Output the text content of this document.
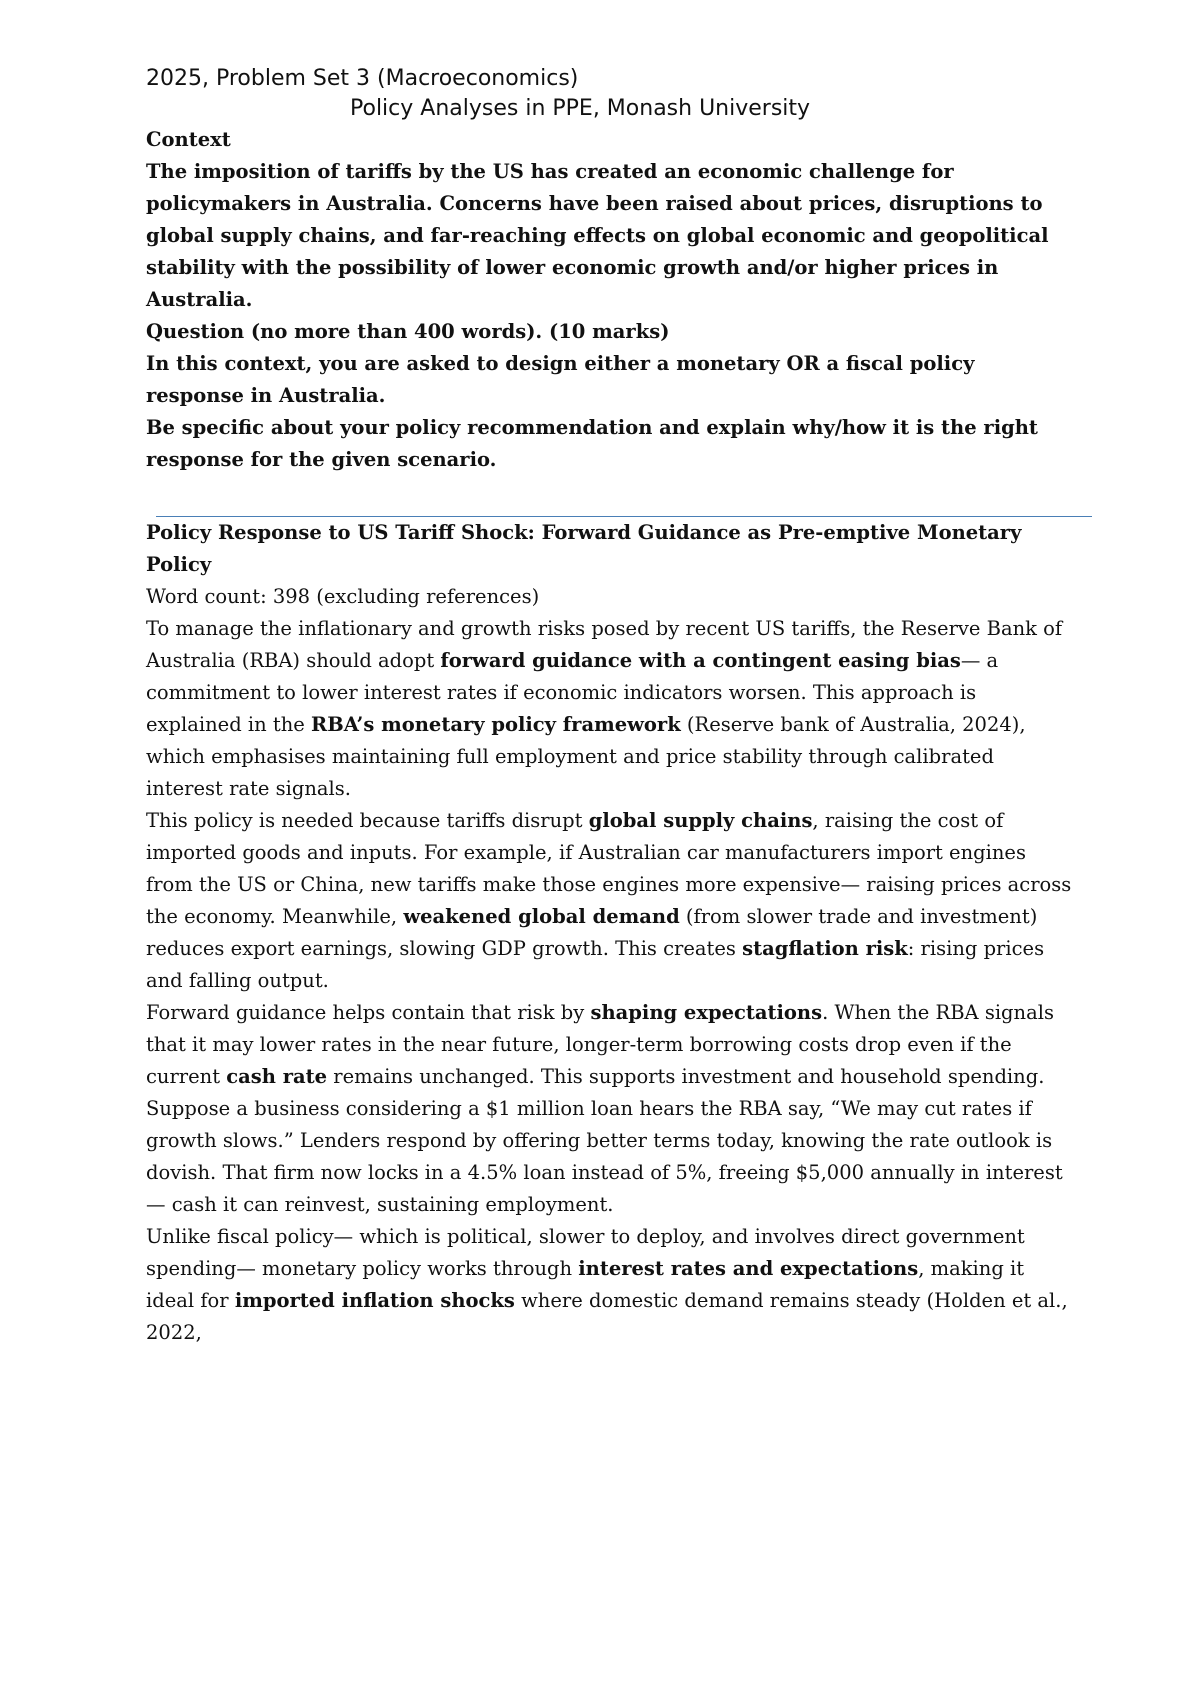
2025, Problem Set 3 (Macroeconomics)

Policy Analyses in PPE, Monash University

Context

The imposition of tariffs by the US has created an economic challenge for policymakers in Australia. Concerns have been raised about prices, disruptions to global supply chains, and far-reaching effects on global economic and geopolitical stability with the possibility of lower economic growth and/or higher prices in Australia.

Question (no more than 400 words). (10 marks)

In this context, you are asked to design either a monetary OR a fiscal policy response in Australia.

Be specific about your policy recommendation and explain why/how it is the right response for the given scenario.

Policy Response to US Tariff Shock: Forward Guidance as Pre-emptive Monetary Policy

Word count: 398 (excluding references)

To manage the inflationary and growth risks posed by recent US tariffs, the Reserve Bank of Australia (RBA) should adopt forward guidance with a contingent easing bias— a commitment to lower interest rates if economic indicators worsen. This approach is explained in the RBA’s monetary policy framework (Reserve bank of Australia, 2024), which emphasises maintaining full employment and price stability through calibrated interest rate signals.

This policy is needed because tariffs disrupt global supply chains, raising the cost of imported goods and inputs. For example, if Australian car manufacturers import engines from the US or China, new tariffs make those engines more expensive— raising prices across the economy. Meanwhile, weakened global demand (from slower trade and investment) reduces export earnings, slowing GDP growth. This creates stagflation risk: rising prices and falling output.

Forward guidance helps contain that risk by shaping expectations. When the RBA signals that it may lower rates in the near future, longer-term borrowing costs drop even if the current cash rate remains unchanged. This supports investment and household spending. Suppose a business considering a $1 million loan hears the RBA say, “We may cut rates if growth slows.” Lenders respond by offering better terms today, knowing the rate outlook is dovish. That firm now locks in a 4.5% loan instead of 5%, freeing $5,000 annually in interest— cash it can reinvest, sustaining employment.

Unlike fiscal policy— which is political, slower to deploy, and involves direct government spending— monetary policy works through interest rates and expectations, making it ideal for imported inflation shocks where domestic demand remains steady (Holden et al., 2022,
